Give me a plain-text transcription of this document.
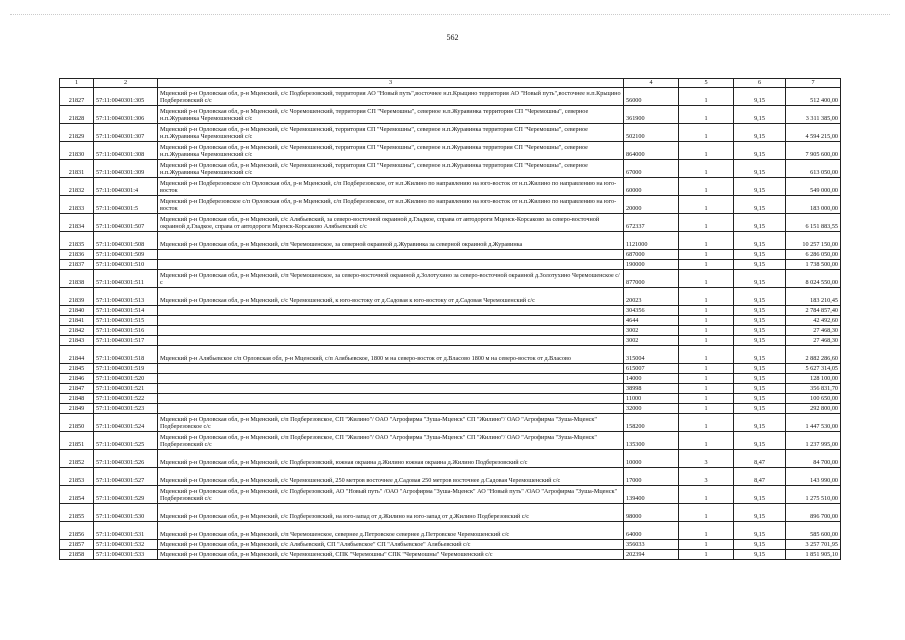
562
1	2	3	4	5	6	7
21827	57:11:0040301:305	Мценский р-н Орловская обл, р-н Мценский, с/с Подберезовский, территория АО "Новый путь",восточнее н.п.Крыцино территория АО "Новый путь",восточнее н.п.Крыцино Подберезовский с/с	56000	1	9,15	512 400,00
21828	57:11:0040301:306	Мценский р-н Орловская обл, р-н Мценский, с/с Чоремошенский, территория СП "Черемошны", северное н.п.Журавинка территория СП "Черемошны", северное н.п.Журавинка Черемошенский с/с	361900	1	9,15	3 311 385,00
21829	57:11:0040301:307	Мценский р-н Орловская обл, р-н Мценский, с/с Черемошенский, территория СП "Черемошны", северное н.п.Журавинка территория СП "Черемошны", северное н.п.Журавинка Черемошенский с/с	502100	1	9,15	4 594 215,00
21830	57:11:0040301:308	Мценский р-н Орловская обл, р-н Мценский, с/с Черемошенский, территория СП "Черемошны", северное н.п.Журавинка территория СП "Черемошны", северное н.п.Журавинка Черемошенский с/с	864000	1	9,15	7 905 600,00
21831	57:11:0040301:309	Мценский р-н Орловская обл, р-н Мценский, с/с Черемошенский, территория СП "Черемошны", северное н.п.Журавинка территория СП "Черемошны", северное н.п.Журавинка Черемошенский с/с	67000	1	9,15	613 050,00
21832	57:11:0040301:4	Мценский р-н Подберезовское с/п Орловская обл, р-н Мценский, с/п Подберезовское, от н.п.Жилино по направлению на юго-восток от н.п.Жилино по направлению на юго-восток	60000	1	9,15	549 000,00
21833	57:11:0040301:5	Мценский р-н Подберезовское с/п Орловская обл, р-н Мценский, с/п Подберезовское, от н.п.Жилино по направлению на юго-восток от н.п.Жилино по направлению на юго-восток	20000	1	9,15	183 000,00
21834	57:11:0040301:507	Мценский р-н Орловская обл, р-н Мценский, с/с Алябьевский, за северо-восточной окраиной д.Гладкое, справа от автодороги Мценск-Корсаково за северо-восточной окраиной д.Гладкое, справа от автодороги Мценск-Корсаково Алябьевский с/с	672337	1	9,15	6 151 883,55
21835	57:11:0040301:508	Мценский р-н Орловская обл, р-н Мценский, с/п Черемошенское, за северной окраиной д.Журавинка за северной окраиной д.Журавинка	1121000	1	9,15	10 257 150,00
21836	57:11:0040301:509		687000	1	9,15	6 286 050,00
21837	57:11:0040301:510		190000	1	9,15	1 738 500,00
21838	57:11:0040301:511	Мценский р-н Орловская обл, р-н Мценский, с/п Черемошенское, за северо-восточной окраиной д.Золотухино за северо-восточной окраиной д.Золотухино Черемошенское с/с	877000	1	9,15	8 024 550,00
21839	57:11:0040301:513	Мценский р-н Орловская обл, р-н Мценский, с/с Черемошенский, к юго-востоку от д.Садовая к юго-востоку от д.Садовая Черемошенский с/с	20023	1	9,15	183 210,45
21840	57:11:0040301:514		304356	1	9,15	2 784 857,40
21841	57:11:0040301:515		4644	1	9,15	42 492,60
21842	57:11:0040301:516		3002	1	9,15	27 468,30
21843	57:11:0040301:517		3002	1	9,15	27 468,30
21844	57:11:0040301:518	Мценский р-н Алябьевское с/п Орловская обл, р-н Мценский, с/п Алябьевское, 1800 м на северо-восток от д.Власово 1800 м на северо-восток от д.Власово	315004	1	9,15	2 882 286,60
21845	57:11:0040301:519		615007	1	9,15	5 627 314,05
21846	57:11:0040301:520		14000	1	9,15	128 100,00
21847	57:11:0040301:521		38998	1	9,15	356 831,70
21848	57:11:0040301:522		11000	1	9,15	100 650,00
21849	57:11:0040301:523		32000	1	9,15	292 800,00
21850	57:11:0040301:524	Мценский р-н Орловская обл, р-н Мценский, с/п Подберезовское, СП "Жилино"/ ОАО "Агрофирма "Зуша-Мценск" СП "Жилино"/ ОАО "Агрофирма "Зуша-Мценск" Подберезовское с/с	158200	1	9,15	1 447 530,00
21851	57:11:0040301:525	Мценский р-н Орловская обл, р-н Мценский, с/п Подберезовское, СП "Жилино"/ ОАО "Агрофирма "Зуша-Мценск" СП "Жилино"/ ОАО "Агрофирма "Зуша-Мценск" Подберезовский с/с	135300	1	9,15	1 237 995,00
21852	57:11:0040301:526	Мценский р-н Орловская обл, р-н Мценский, с/с Подберезовский, южная окраина д.Жилино южная окраина д.Жилино Подберезовский с/с	10000	3	8,47	84 700,00
21853	57:11:0040301:527	Мценский р-н Орловская обл, р-н Мценский, с/с Черемошенский, 250 метров восточнее д.Садовая 250 метров восточнее д.Садовая Черемошенский с/с	17000	3	8,47	143 990,00
21854	57:11:0040301:529	Мценский р-н Орловская обл, р-н Мценский, с/с Подберезовский, АО "Новый путь" /ОАО "Агрофирма "Зуша-Мценск" АО "Новый путь" /ОАО "Агрофирма "Зуша-Мценск" Подберезовский с/с	139400	1	9,15	1 275 510,00
21855	57:11:0040301:530	Мценский р-н Орловская обл, р-н Мценский, с/с Подберезовский, на юго-запад от д.Жилино на юго-запад от д.Жилино Подберезовский с/с	98000	1	9,15	896 700,00
21856	57:11:0040301:531	Мценский р-н Орловская обл, р-н Мценский, с/п Черемошенское, севернее д.Петровское севернее д.Петровское Черемошенский с/с	64000	1	9,15	585 600,00
21857	57:11:0040301:532	Мценский р-н Орловская обл, р-н Мценский, с/с Алябьевский, СП "Алябьевское" СП "Алябьевское" Алябьевский с/с	356033	1	9,15	3 257 701,95
21858	57:11:0040301:533	Мценский р-н Орловская обл, р-н Мценский, с/с Черемошенский, СПК "Черемошны" СПК "Черемошны" Черемошенский с/с	202394	1	9,15	1 851 905,10
